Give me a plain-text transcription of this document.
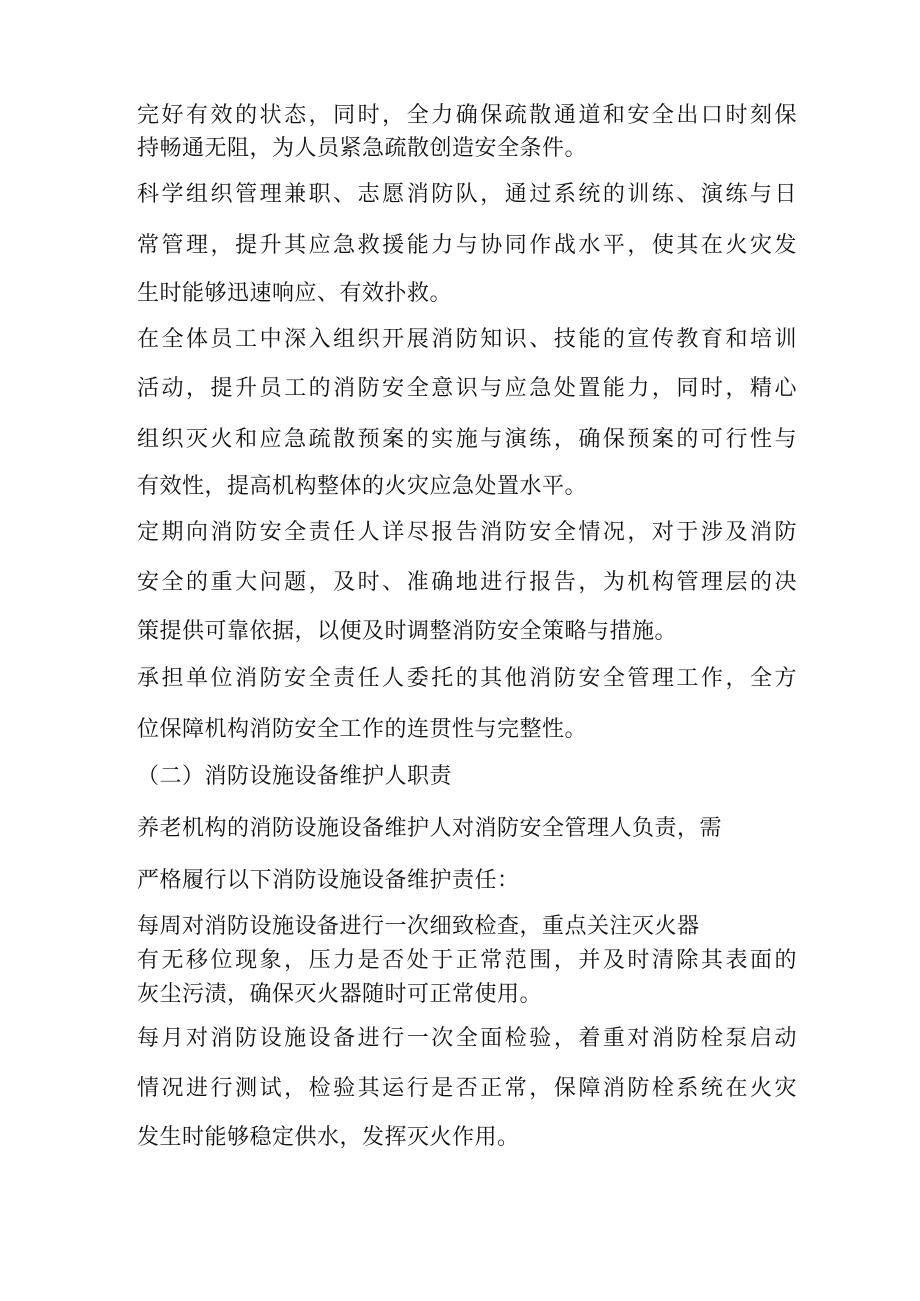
完好有效的状态，同时，全力确保疏散通道和安全出口时刻保
持畅通无阻，为人员紧急疏散创造安全条件。
科学组织管理兼职、志愿消防队，通过系统的训练、演练与日
常管理，提升其应急救援能力与协同作战水平，使其在火灾发
生时能够迅速响应、有效扑救。
在全体员工中深入组织开展消防知识、技能的宣传教育和培训
活动，提升员工的消防安全意识与应急处置能力，同时，精心
组织灭火和应急疏散预案的实施与演练，确保预案的可行性与
有效性，提高机构整体的火灾应急处置水平。
定期向消防安全责任人详尽报告消防安全情况，对于涉及消防
安全的重大问题，及时、准确地进行报告，为机构管理层的决
策提供可靠依据，以便及时调整消防安全策略与措施。
承担单位消防安全责任人委托的其他消防安全管理工作，全方
位保障机构消防安全工作的连贯性与完整性。
（二）消防设施设备维护人职责
养老机构的消防设施设备维护人对消防安全管理人负责，需
严格履行以下消防设施设备维护责任：
每周对消防设施设备进行一次细致检查，重点关注灭火器
有无移位现象，压力是否处于正常范围，并及时清除其表面的
灰尘污渍，确保灭火器随时可正常使用。
每月对消防设施设备进行一次全面检验，着重对消防栓泵启动
情况进行测试，检验其运行是否正常，保障消防栓系统在火灾
发生时能够稳定供水，发挥灭火作用。
